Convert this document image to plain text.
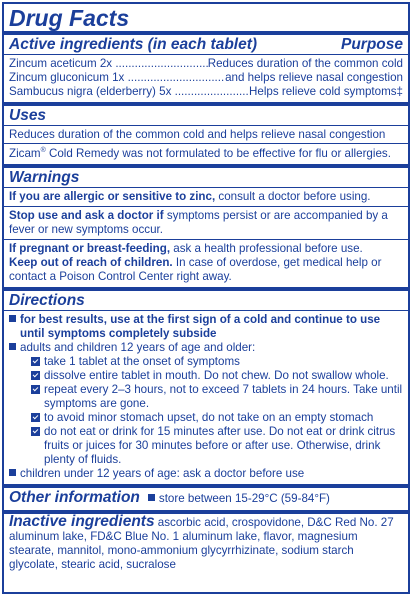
Drug Facts
Active ingredients (in each tablet)	Purpose
Zincum aceticum 2x .....	Reduces duration of the common cold
Zincum gluconicum 1x .....	and helps relieve nasal congestion
Sambucus nigra (elderberry) 5x .....	Helps relieve cold symptoms‡
Uses
Reduces duration of the common cold and helps relieve nasal congestion
Zicam® Cold Remedy was not formulated to be effective for flu or allergies.
Warnings
If you are allergic or sensitive to zinc, consult a doctor before using.
Stop use and ask a doctor if symptoms persist or are accompanied by a fever or new symptoms occur.
If pregnant or breast-feeding, ask a health professional before use.
Keep out of reach of children. In case of overdose, get medical help or contact a Poison Control Center right away.
Directions
for best results, use at the first sign of a cold and continue to use until symptoms completely subside
adults and children 12 years of age and older:
take 1 tablet at the onset of symptoms
dissolve entire tablet in mouth. Do not chew. Do not swallow whole.
repeat every 2–3 hours, not to exceed 7 tablets in 24 hours. Take until symptoms are gone.
to avoid minor stomach upset, do not take on an empty stomach
do not eat or drink for 15 minutes after use. Do not eat or drink citrus fruits or juices for 30 minutes before or after use. Otherwise, drink plenty of fluids.
children under 12 years of age: ask a doctor before use
Other information	store between 15-29°C (59-84°F)
Inactive ingredients ascorbic acid, crospovidone, D&C Red No. 27 aluminum lake, FD&C Blue No. 1 aluminum lake, flavor, magnesium stearate, mannitol, mono-ammonium glycyrrhizinate, sodium starch glycolate, stearic acid, sucralose
